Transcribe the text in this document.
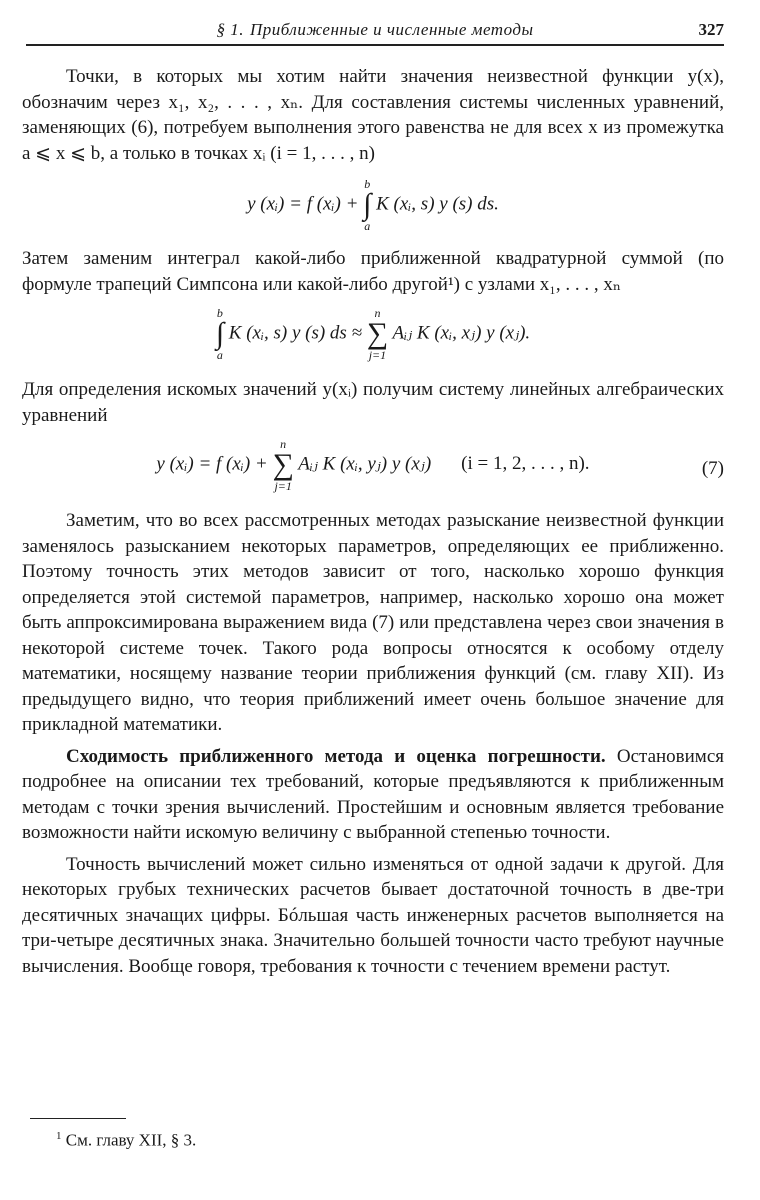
§ 1. Приближенные и численные методы	327

Точки, в которых мы хотим найти значения неизвестной функции y(x), обозначим через x₁, x₂, . . . , xₙ. Для составления системы численных уравнений, заменяющих (6), потребуем выполнения этого равенства не для всех x из промежутка a ⩽ x ⩽ b, а только в точках xᵢ (i = 1, . . . , n)

y (xᵢ) = f (xᵢ) +
b
∫
a
K (xᵢ, s) y (s) ds.

Затем заменим интеграл какой-либо приближенной квадратурной суммой (по формуле трапеций Симпсона или какой-либо другой¹) с узлами x₁, . . . , xₙ

b
∫
a
K (xᵢ, s) y (s) ds ≈
n
∑
j=1
Aᵢⱼ K (xᵢ, xⱼ) y (xⱼ).

Для определения искомых значений y(xᵢ) получим систему линейных алгебраических уравнений

y (xᵢ) = f (xᵢ) +
n
∑
j=1
Aᵢⱼ K (xᵢ, yⱼ) y (xⱼ) (i = 1, 2, . . . , n).	(7)

Заметим, что во всех рассмотренных методах разыскание неизвестной функции заменялось разысканием некоторых параметров, определяющих ее приближенно. Поэтому точность этих методов зависит от того, насколько хорошо функция определяется этой системой параметров, например, насколько хорошо она может быть аппроксимирована выражением вида (7) или представлена через свои значения в некоторой системе точек. Такого рода вопросы относятся к особому отделу математики, носящему название теории приближения функций (см. главу XII). Из предыдущего видно, что теория приближений имеет очень большое значение для прикладной математики.

Сходимость приближенного метода и оценка погрешности. Остановимся подробнее на описании тех требований, которые предъявляются к приближенным методам с точки зрения вычислений. Простейшим и основным является требование возможности найти искомую величину с выбранной степенью точности.

Точность вычислений может сильно изменяться от одной задачи к другой. Для некоторых грубых технических расчетов бывает достаточной точность в две-три десятичных значащих цифры. Бóльшая часть инженерных расчетов выполняется на три-четыре десятичных знака. Значительно большей точности часто требуют научные вычисления. Вообще говоря, требования к точности с течением времени растут.

$^1$ См. главу XII, § 3.
